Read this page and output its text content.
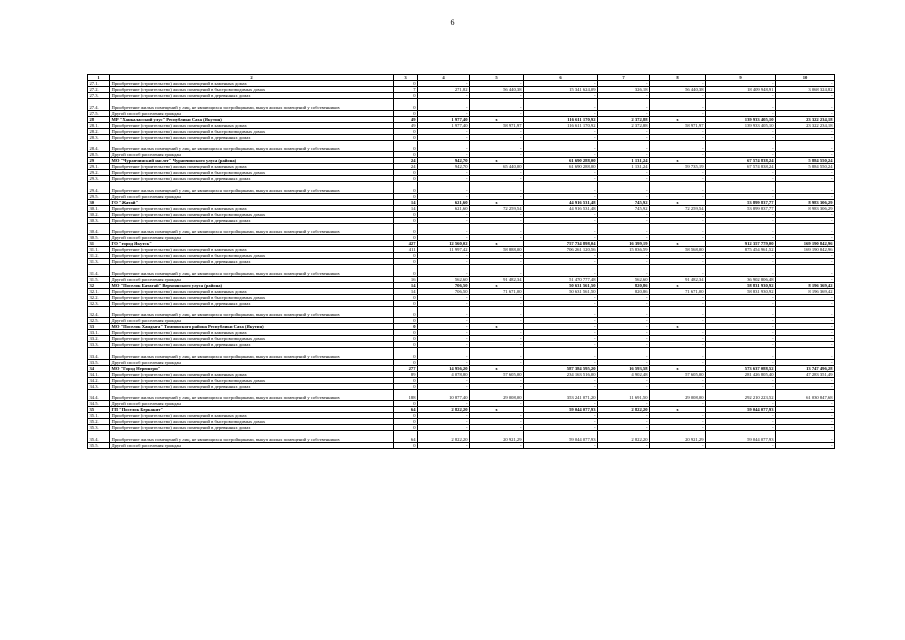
6
1	2	3	4	5	6	7	8	9	10
27.1.	Приобретение (строительство) жилых помещений в каменных домах	0	-	-	-	-	-	-	-
27.2.	Приобретение (строительство) жилых помещений в быстровозводимых домах	7	271,82	56 440,38	15 341 624,09	326,18	56 440,38	18 409 948,91	3 068 324,82
27.3.	Приобретение (строительство) жилых помещений в деревянных домах	0	-	-	-	-	-	-	-
27.4.	Приобретение жилых помещений у лиц, не являющихся застройщиками, выкуп жилых помещений у собственников	0	-	-	-	-	-	-	-
27.5.	Другой способ расселения граждан	0	-	-	-	-	-	-	-
28	МР "Ханкаласский улус" Республики Саха (Якутия)	49	1 977,40	x	116 611 170,92	2 372,88	x	139 933 405,10	23 322 234,18
28.1.	Приобретение (строительство) жилых помещений в каменных домах	49	1 977,40	58 971,97	116 611 170,92	2 372,88	58 971,97	139 933 405,10	23 322 234,18
28.2.	Приобретение (строительство) жилых помещений в быстровозводимых домах	0	-	-	-	-	-	-	-
28.3.	Приобретение (строительство) жилых помещений в деревянных домах	0	-	-	-	-	-	-	-
28.4.	Приобретение жилых помещений у лиц, не являющихся застройщиками, выкуп жилых помещений у собственников	0	-	-	-	-	-	-	-
28.5.	Другой способ расселения граждан	0	-	-	-	-	-	-	-
29	МО "Чурапчинский наслег" Чурапчинского улуса (района)	24	942,70	x	61 690 288,00	1 131,24	x	67 574 838,24	5 884 550,24
29.1.	Приобретение (строительство) жилых помещений в каменных домах	24	942,70	65 440,00	61 690 288,00	1 131,24	59 735,19	67 574 838,24	5 884 550,24
29.2.	Приобретение (строительство) жилых помещений в быстровозводимых домах	0	-	-	-	-	-	-	-
29.3.	Приобретение (строительство) жилых помещений в деревянных домах	0	-	-	-	-	-	-	-
29.4.	Приобретение жилых помещений у лиц, не являющихся застройщиками, выкуп жилых помещений у собственников	0	-	-	-	-	-	-	-
29.5.	Другой способ расселения граждан	0	-	-	-	-	-	-	-
30	ГО "Жатай"	14	621,60	x	44 916 531,48	745,92	x	53 899 837,77	8 983 306,29
30.1.	Приобретение (строительство) жилых помещений в каменных домах	14	621,60	72 259,54	44 916 531,48	745,92	72 259,54	53 899 837,77	8 983 306,29
30.2.	Приобретение (строительство) жилых помещений в быстровозводимых домах	0	-	-	-	-	-	-	-
30.3.	Приобретение (строительство) жилых помещений в деревянных домах	0	-	-	-	-	-	-	-
30.4.	Приобретение жилых помещений у лиц, не являющихся застройщиками, выкуп жилых помещений у собственников	0	-	-	-	-	-	-	-
30.5.	Другой способ расселения граждан	0	-	-	-	-	-	-	-
31	ГО "город Якутск"	427	12 560,02	x	757 734 898,04	16 399,19	x	912 357 779,00	169 190 842,96
31.1.	Приобретение (строительство) жилых помещений в каменных домах	411	11 997,42	58 888,00	706 261 120,56	15 836,59	58 568,00	875 454 961,52	169 190 842,96
31.2.	Приобретение (строительство) жилых помещений в быстровозводимых домах	0	-	-	-	-	-	-	-
31.3.	Приобретение (строительство) жилых помещений в деревянных домах	0	-	-	-	-	-	-	-
31.4.	Приобретение жилых помещений у лиц, не являющихся застройщиками, выкуп жилых помещений у собственников	0	-	-	-	-	-	-	-
31.5.	Другой способ расселения граждан	16	562,60	91 482,34	51 470 777,48	562,60	91 482,34	36 902 806,48	-
32	МО "Поселок Батагай" Верхоянского улуса (района)	14	706,50	x	50 631 561,50	820,86	x	58 831 930,92	8 196 369,42
32.1.	Приобретение (строительство) жилых помещений в каменных домах	14	706,50	71 671,00	50 631 561,50	820,86	71 671,00	58 831 930,92	8 196 369,42
32.2.	Приобретение (строительство) жилых помещений в быстровозводимых домах	0	-	-	-	-	-	-	-
32.3.	Приобретение (строительство) жилых помещений в деревянных домах	0	-	-	-	-	-	-	-
32.4.	Приобретение жилых помещений у лиц, не являющихся застройщиками, выкуп жилых помещений у собственников	0	-	-	-	-	-	-	-
32.5.	Другой способ расселения граждан	0	-	-	-	-	-	-	-
33	МО "Поселок Хандыга" Томпонского района Республики Саха (Якутия)	0	-	x	-	-	x	-	-
33.1.	Приобретение (строительство) жилых помещений в каменных домах	0	-	-	-	-	-	-	-
33.2.	Приобретение (строительство) жилых помещений в быстровозводимых домах	0	-	-	-	-	-	-	-
33.3.	Приобретение (строительство) жилых помещений в деревянных домах	0	-	-	-	-	-	-	-
33.4.	Приобретение жилых помещений у лиц, не являющихся застройщиками, выкуп жилых помещений у собственников	0	-	-	-	-	-	-	-
33.5.	Другой способ расселения граждан	0	-	-	-	-	-	-	-
34	МО "Город Нерюнгри"	277	14 956,20	x	587 384 595,20	16 593,58	x	573 637 088,52	13 747 496,28
34.1.	Приобретение (строительство) жилых помещений в каменных домах	89	4 078,80	57 605,00	234 163 516,00	4 902,48	57 605,00	281 426 805,40	47 283 351,49
34.2.	Приобретение (строительство) жилых помещений в быстровозводимых домах	0	-	-	-	-	-	-	-
34.3.	Приобретение (строительство) жилых помещений в деревянных домах	0	-	-	-	-	-	-	-
34.4.	Приобретение жилых помещений у лиц, не являющихся застройщиками, выкуп жилых помещений у собственников	188	10 877,40	29 008,00	353 241 071,20	11 691,50	29 008,00	292 210 223,52	61 030 847,68
34.5.	Другой способ расселения граждан	0	-	-	-	-	-	-	-
35	ГП "Поселок Беркакит"	64	2 822,20	x	59 044 077,93	2 822,20	x	59 044 077,93	-
35.1.	Приобретение (строительство) жилых помещений в каменных домах	0	-	-	-	-	-	-	-
35.2.	Приобретение (строительство) жилых помещений в быстровозводимых домах	0	-	-	-	-	-	-	-
35.3.	Приобретение (строительство) жилых помещений в деревянных домах	0	-	-	-	-	-	-	-
35.4.	Приобретение жилых помещений у лиц, не являющихся застройщиками, выкуп жилых помещений у собственников	64	2 822,20	20 921,29	59 044 077,93	2 822,20	20 921,29	59 044 077,93	-
35.5.	Другой способ расселения граждан	0	-	-	-	-	-	-	-
